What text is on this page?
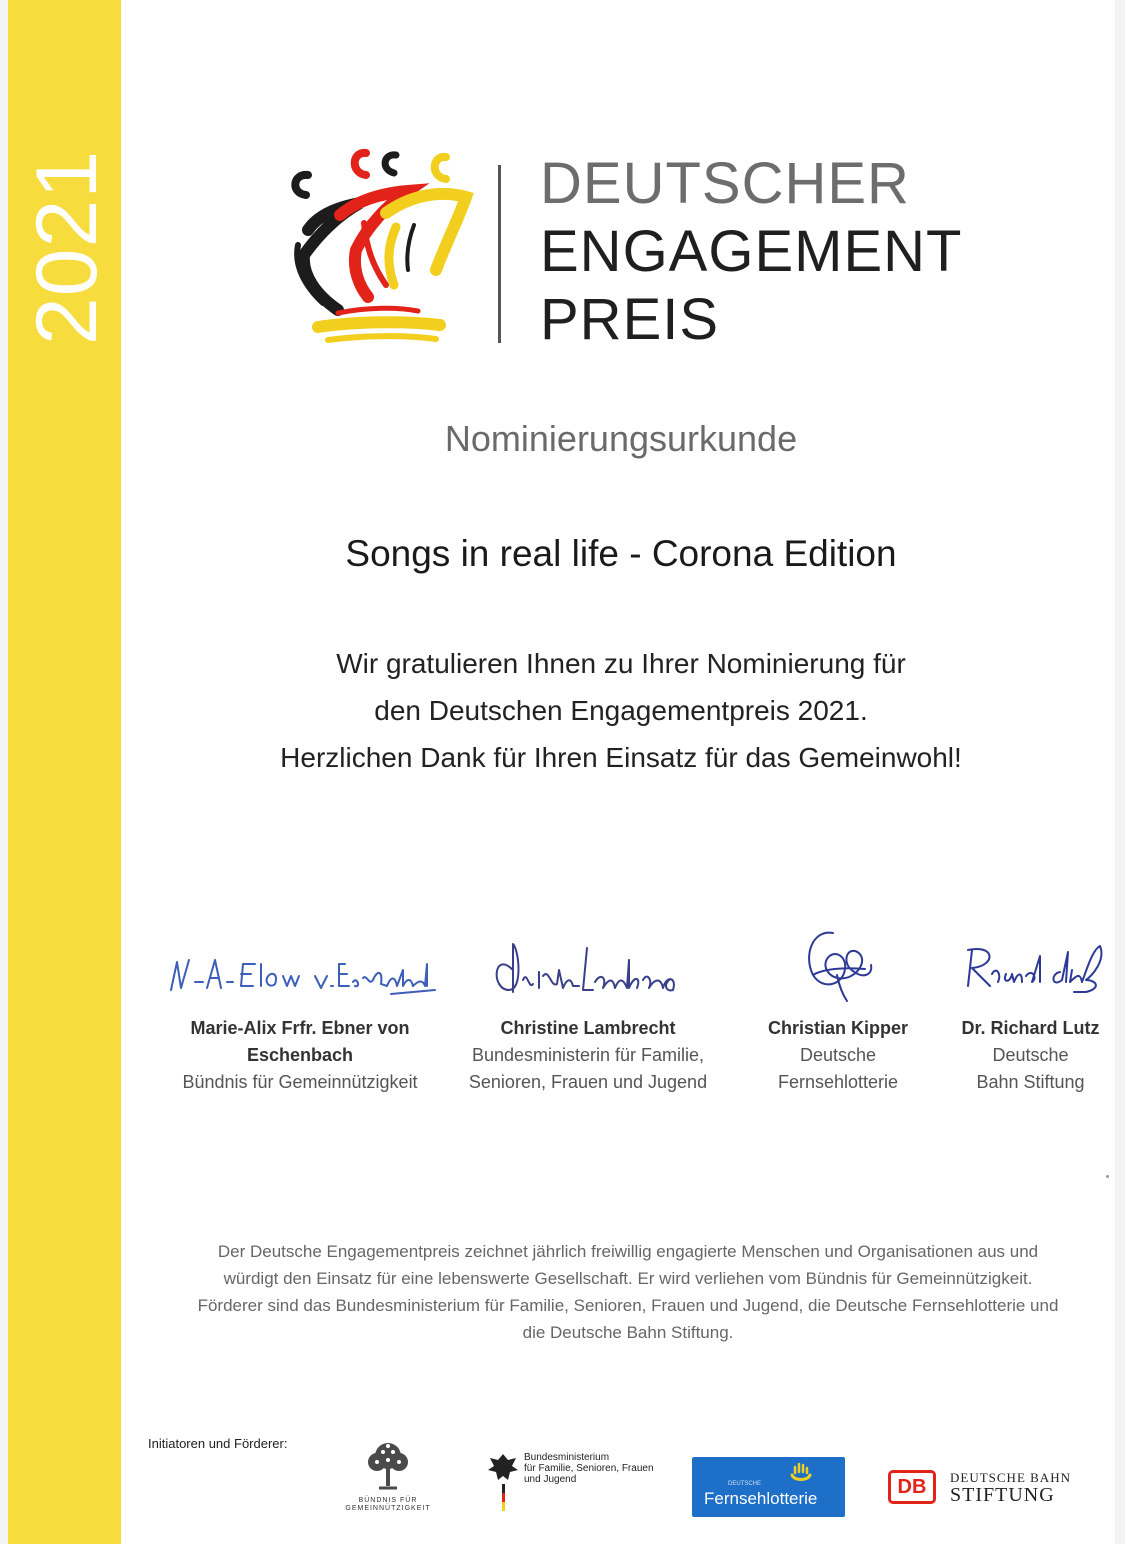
2021	DEUTSCHER
ENGAGEMENT
PREIS
Nominierungsurkunde
Songs in real life - Corona Edition
Wir gratulieren Ihnen zu Ihrer Nominierung für
den Deutschen Engagementpreis 2021.
Herzlichen Dank für Ihren Einsatz für das Gemeinwohl!
Marie-Alix Frfr. Ebner von
Eschenbach
Bündnis für Gemeinnützigkeit
Christine Lambrecht
Bundesministerin für Familie,
Senioren, Frauen und Jugend
Christian Kipper
Deutsche
Fernsehlotterie
Dr. Richard Lutz
Deutsche
Bahn Stiftung
Der Deutsche Engagementpreis zeichnet jährlich freiwillig engagierte Menschen und Organisationen aus und
würdigt den Einsatz für eine lebenswerte Gesellschaft. Er wird verliehen vom Bündnis für Gemeinnützigkeit.
Förderer sind das Bundesministerium für Familie, Senioren, Frauen und Jugend, die Deutsche Fernsehlotterie und
die Deutsche Bahn Stiftung.
Initiatoren und Förderer:
BÜNDNIS FÜR
GEMEINNÜTZIGKEIT
Bundesministerium
für Familie, Senioren, Frauen
und Jugend	DEUTSCHE
Fernsehlotterie
DB	DEUTSCHE BAHN
STIFTUNG
